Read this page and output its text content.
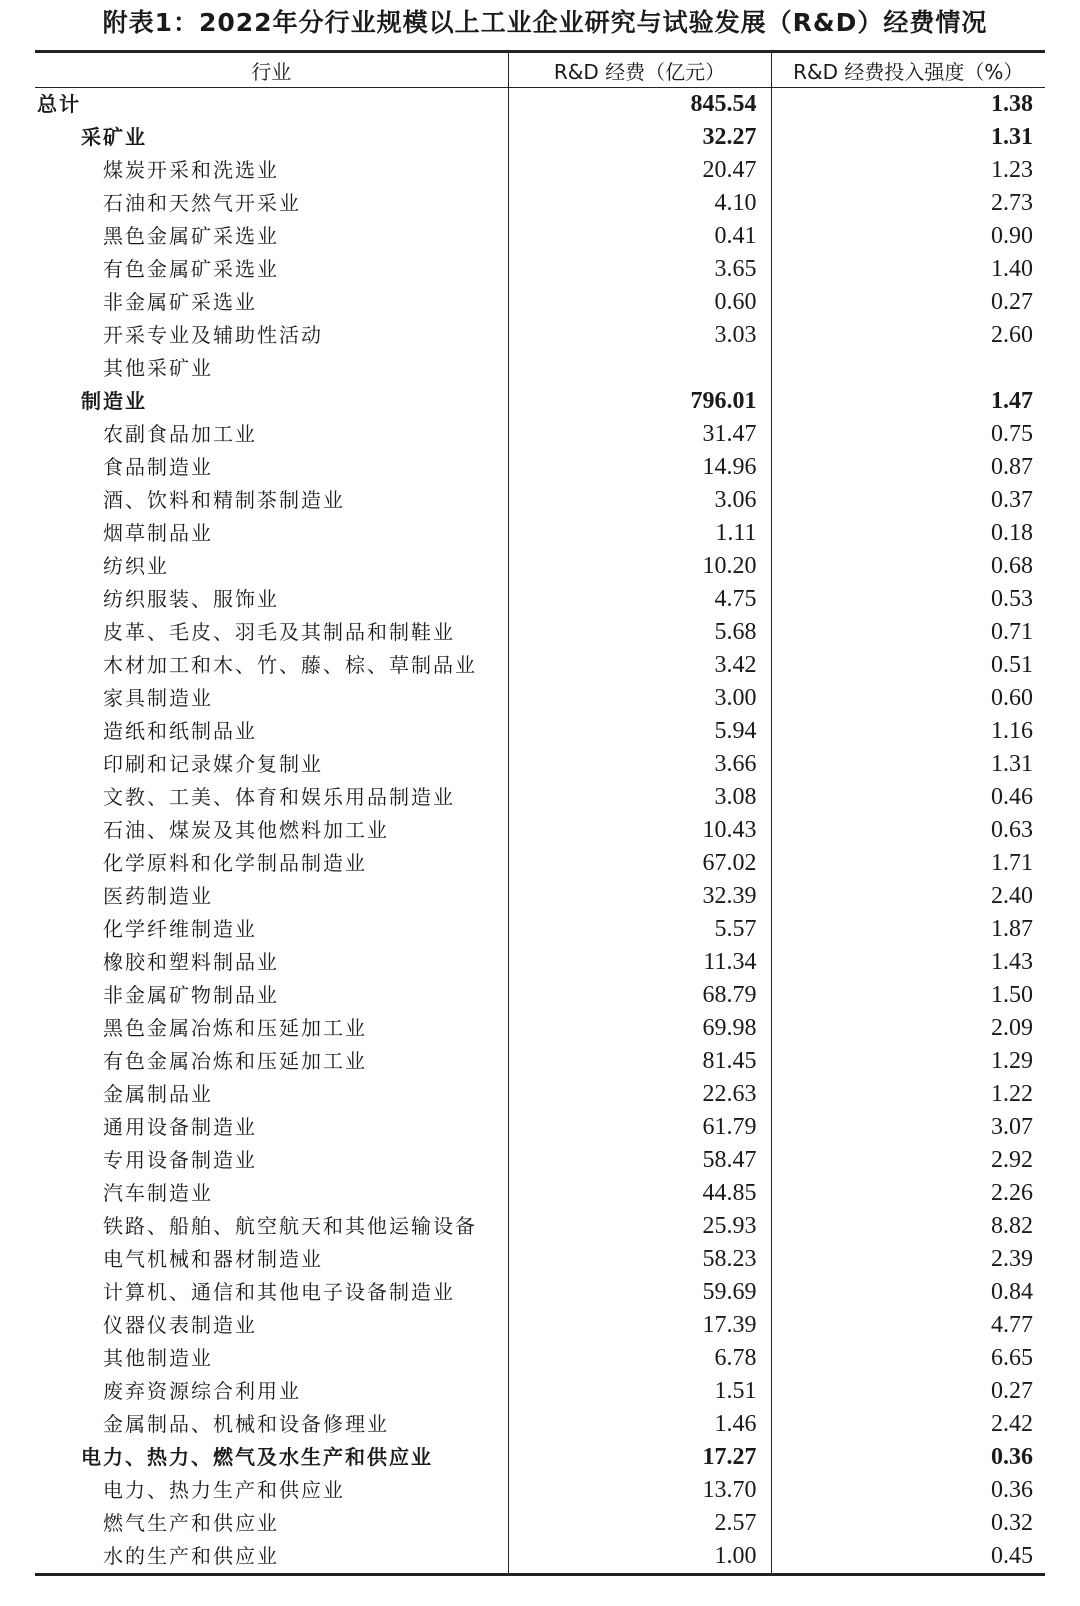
附表1：2022年分行业规模以上工业企业研究与试验发展（R&D）经费情况
行业	R&D 经费（亿元）	R&D 经费投入强度（%）
总计	845.54	1.38
采矿业	32.27	1.31
煤炭开采和洗选业	20.47	1.23
石油和天然气开采业	4.10	2.73
黑色金属矿采选业	0.41	0.90
有色金属矿采选业	3.65	1.40
非金属矿采选业	0.60	0.27
开采专业及辅助性活动	3.03	2.60
其他采矿业		
制造业	796.01	1.47
农副食品加工业	31.47	0.75
食品制造业	14.96	0.87
酒、饮料和精制茶制造业	3.06	0.37
烟草制品业	1.11	0.18
纺织业	10.20	0.68
纺织服装、服饰业	4.75	0.53
皮革、毛皮、羽毛及其制品和制鞋业	5.68	0.71
木材加工和木、竹、藤、棕、草制品业	3.42	0.51
家具制造业	3.00	0.60
造纸和纸制品业	5.94	1.16
印刷和记录媒介复制业	3.66	1.31
文教、工美、体育和娱乐用品制造业	3.08	0.46
石油、煤炭及其他燃料加工业	10.43	0.63
化学原料和化学制品制造业	67.02	1.71
医药制造业	32.39	2.40
化学纤维制造业	5.57	1.87
橡胶和塑料制品业	11.34	1.43
非金属矿物制品业	68.79	1.50
黑色金属冶炼和压延加工业	69.98	2.09
有色金属冶炼和压延加工业	81.45	1.29
金属制品业	22.63	1.22
通用设备制造业	61.79	3.07
专用设备制造业	58.47	2.92
汽车制造业	44.85	2.26
铁路、船舶、航空航天和其他运输设备	25.93	8.82
电气机械和器材制造业	58.23	2.39
计算机、通信和其他电子设备制造业	59.69	0.84
仪器仪表制造业	17.39	4.77
其他制造业	6.78	6.65
废弃资源综合利用业	1.51	0.27
金属制品、机械和设备修理业	1.46	2.42
电力、热力、燃气及水生产和供应业	17.27	0.36
电力、热力生产和供应业	13.70	0.36
燃气生产和供应业	2.57	0.32
水的生产和供应业	1.00	0.45
